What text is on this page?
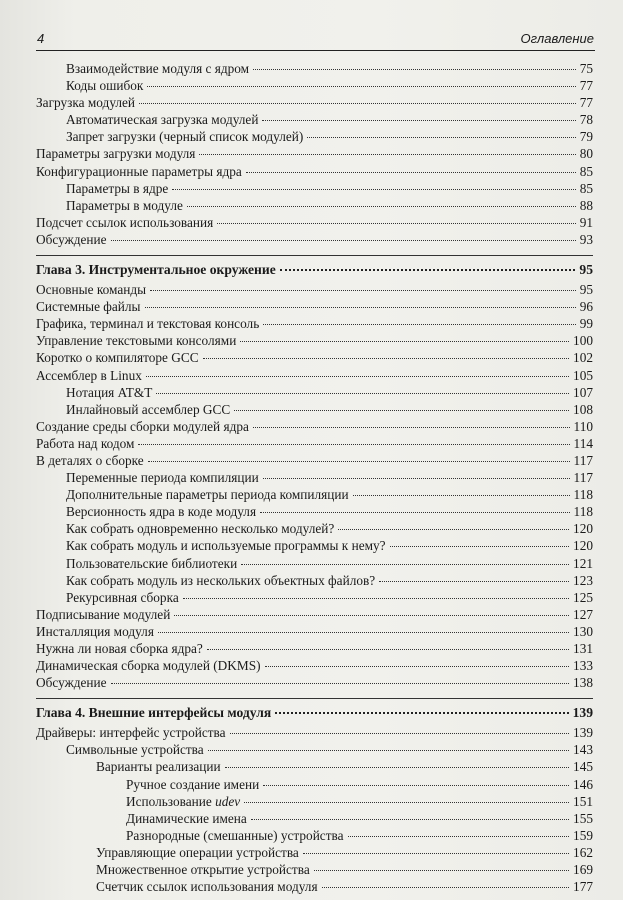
4	Оглавление
Взаимодействие модуля с ядром	75
Коды ошибок	77
Загрузка модулей	77
Автоматическая загрузка модулей	78
Запрет загрузки (черный список модулей)	79
Параметры загрузки модуля	80
Конфигурационные параметры ядра	85
Параметры в ядре	85
Параметры в модуле	88
Подсчет ссылок использования	91
Обсуждение	93
Глава 3. Инструментальное окружение	95
Основные команды	95
Системные файлы	96
Графика, терминал и текстовая консоль	99
Управление текстовыми консолями	100
Коротко о компиляторе GCC	102
Ассемблер в Linux	105
Нотация AT&T	107
Инлайновый ассемблер GCC	108
Создание среды сборки модулей ядра	110
Работа над кодом	114
В деталях о сборке	117
Переменные периода компиляции	117
Дополнительные параметры периода компиляции	118
Версионность ядра в коде модуля	118
Как собрать одновременно несколько модулей?	120
Как собрать модуль и используемые программы к нему?	120
Пользовательские библиотеки	121
Как собрать модуль из нескольких объектных файлов?	123
Рекурсивная сборка	125
Подписывание модулей	127
Инсталляция модуля	130
Нужна ли новая сборка ядра?	131
Динамическая сборка модулей (DKMS)	133
Обсуждение	138
Глава 4. Внешние интерфейсы модуля	139
Драйверы: интерфейс устройства	139
Символьные устройства	143
Варианты реализации	145
Ручное создание имени	146
Использование udev	151
Динамические имена	155
Разнородные (смешанные) устройства	159
Управляющие операции устройства	162
Множественное открытие устройства	169
Счетчик ссылок использования модуля	177
